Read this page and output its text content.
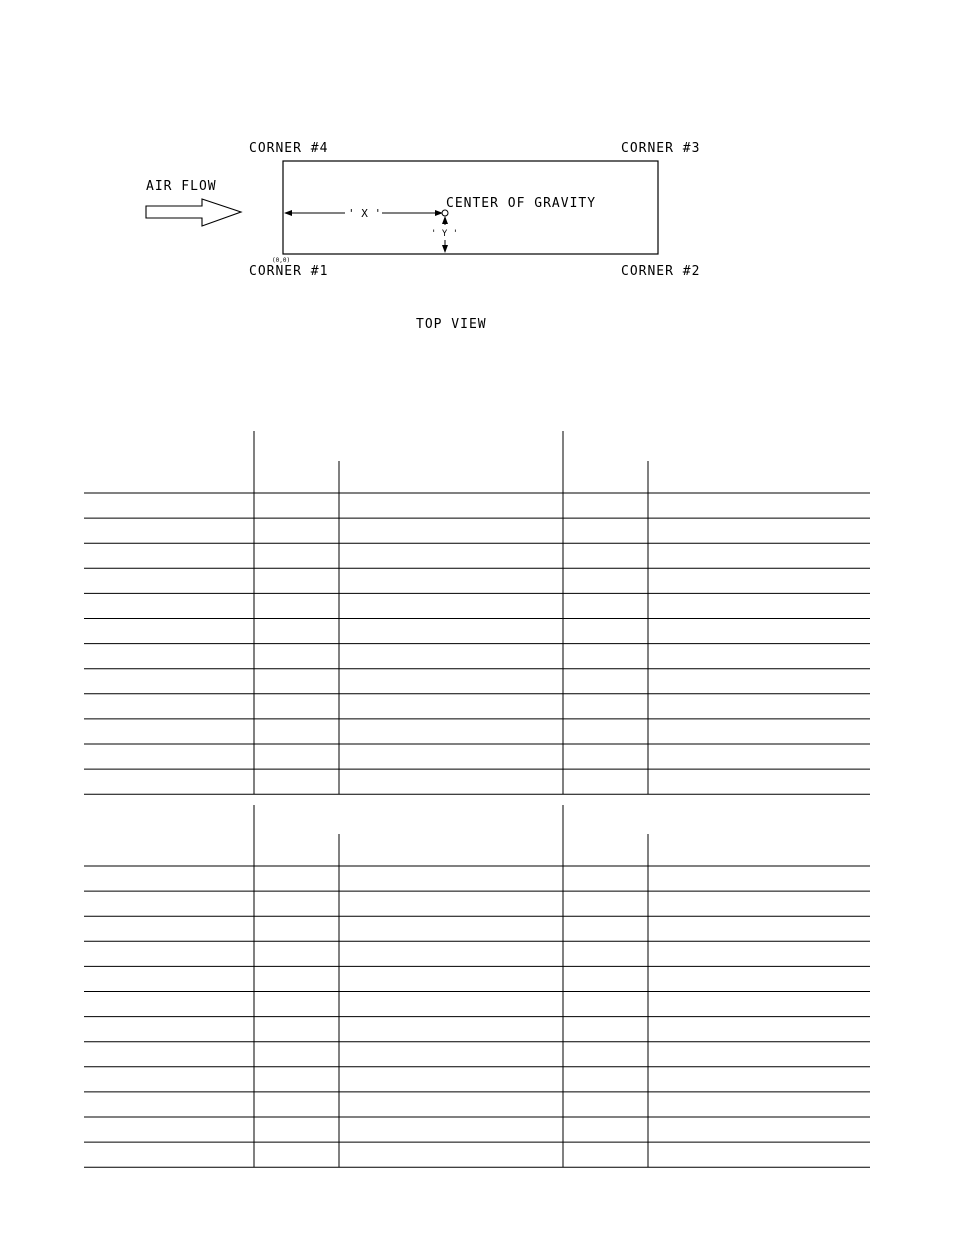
CORNER #4	CORNER #3
CORNER #1	CORNER #2
(0,0)
AIR FLOW
CENTER OF GRAVITY
' X '
' Y '
TOP VIEW
